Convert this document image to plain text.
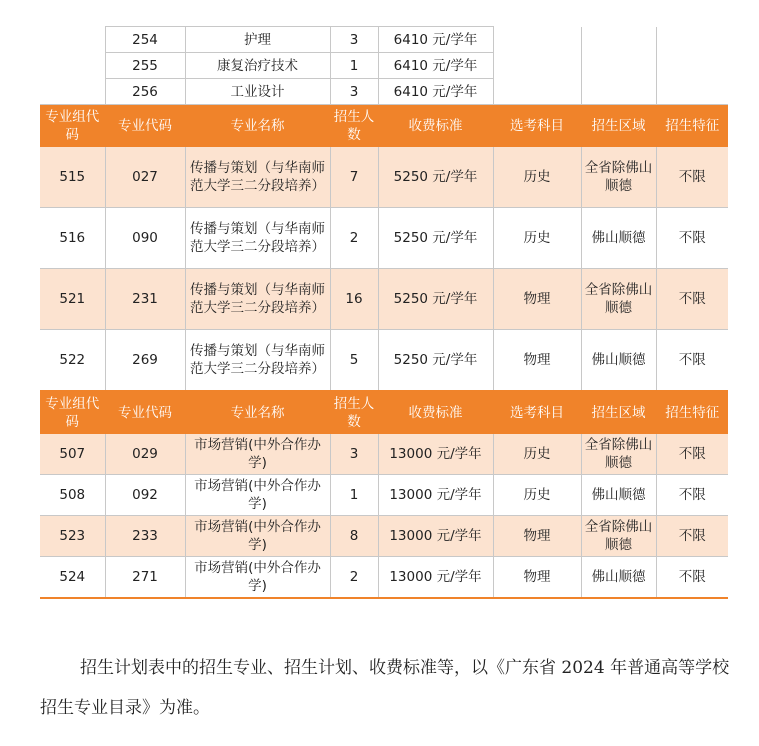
	254	护理	3	6410 元/学年			
	255	康复治疗技术	1	6410 元/学年			
	256	工业设计	3	6410 元/学年			
专业组代码	专业代码	专业名称	招生人数	收费标准	选考科目	招生区域	招生特征
515	027	传播与策划（与华南师范大学三二分段培养）	7	5250 元/学年	历史	全省除佛山顺德	不限
516	090	传播与策划（与华南师范大学三二分段培养）	2	5250 元/学年	历史	佛山顺德	不限
521	231	传播与策划（与华南师范大学三二分段培养）	16	5250 元/学年	物理	全省除佛山顺德	不限
522	269	传播与策划（与华南师范大学三二分段培养）	5	5250 元/学年	物理	佛山顺德	不限
专业组代码	专业代码	专业名称	招生人数	收费标准	选考科目	招生区域	招生特征
507	029	市场营销(中外合作办学)	3	13000 元/学年	历史	全省除佛山顺德	不限
508	092	市场营销(中外合作办学)	1	13000 元/学年	历史	佛山顺德	不限
523	233	市场营销(中外合作办学)	8	13000 元/学年	物理	全省除佛山顺德	不限
524	271	市场营销(中外合作办学)	2	13000 元/学年	物理	佛山顺德	不限

招生计划表中的招生专业、招生计划、收费标准等，以《广东省 2024 年普通高等学校招生专业目录》为准。
